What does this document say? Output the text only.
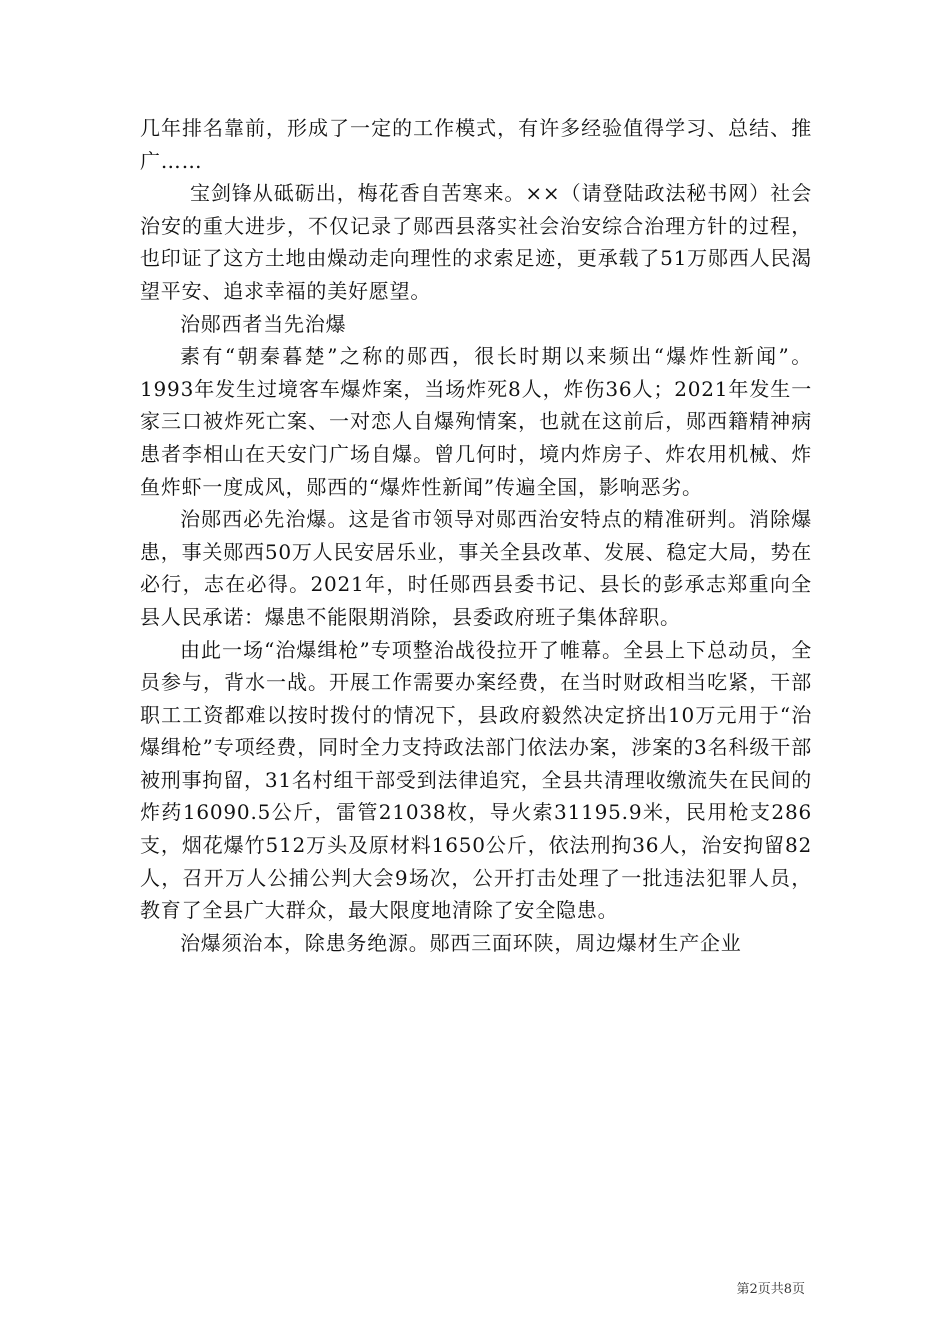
几年排名靠前，形成了一定的工作模式，有许多经验值得学习、总结、推广……

宝剑锋从砥砺出，梅花香自苦寒来。××（请登陆政法秘书网）社会治安的重大进步，不仅记录了郧西县落实社会治安综合治理方针的过程，也印证了这方土地由燥动走向理性的求索足迹，更承载了51万郧西人民渴望平安、追求幸福的美好愿望。

治郧西者当先治爆

素有“朝秦暮楚”之称的郧西，很长时期以来频出“爆炸性新闻”。1993年发生过境客车爆炸案，当场炸死8人，炸伤36人；2021年发生一家三口被炸死亡案、一对恋人自爆殉情案，也就在这前后，郧西籍精神病患者李相山在天安门广场自爆。曾几何时，境内炸房子、炸农用机械、炸鱼炸虾一度成风，郧西的“爆炸性新闻”传遍全国，影响恶劣。

治郧西必先治爆。这是省市领导对郧西治安特点的精准研判。消除爆患，事关郧西50万人民安居乐业，事关全县改革、发展、稳定大局，势在必行，志在必得。2021年，时任郧西县委书记、县长的彭承志郑重向全县人民承诺：爆患不能限期消除，县委政府班子集体辞职。

由此一场“治爆缉枪”专项整治战役拉开了帷幕。全县上下总动员，全员参与，背水一战。开展工作需要办案经费，在当时财政相当吃紧，干部职工工资都难以按时拨付的情况下，县政府毅然决定挤出10万元用于“治爆缉枪”专项经费，同时全力支持政法部门依法办案，涉案的3名科级干部被刑事拘留，31名村组干部受到法律追究，全县共清理收缴流失在民间的炸药16090.5公斤，雷管21038枚，导火索31195.9米，民用枪支286支，烟花爆竹512万头及原材料1650公斤，依法刑拘36人，治安拘留82人，召开万人公捕公判大会9场次，公开打击处理了一批违法犯罪人员，教育了全县广大群众，最大限度地清除了安全隐患。

治爆须治本，除患务绝源。郧西三面环陕，周边爆材生产企业

第2页共8页
